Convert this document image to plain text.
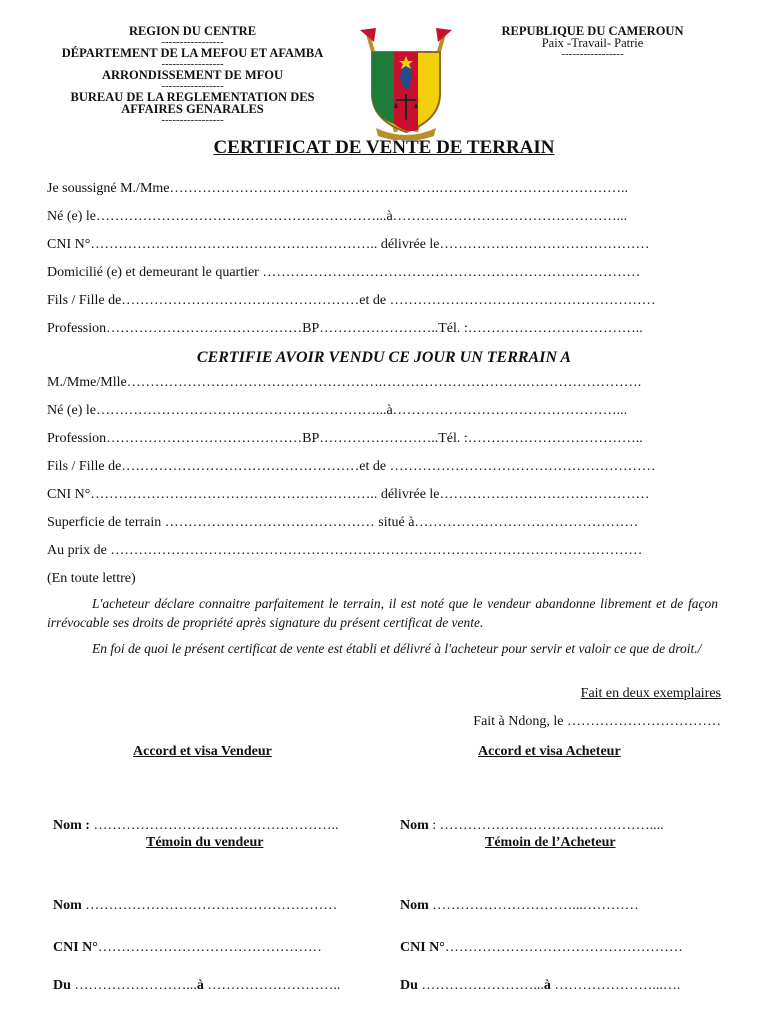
REGION DU CENTRE
-----------------
DÉPARTEMENT DE LA MEFOU ET AFAMBA
-----------------
ARRONDISSEMENT DE MFOU
-----------------
BUREAU DE LA REGLEMENTATION DES
AFFAIRES GENARALES
-----------------
REPUBLIQUE DU CAMEROUN
Paix -Travail- Patrie
-----------------
CERTIFICAT DE VENTE DE TERRAIN
Je soussigné M./Mme………………………………………………….…………………………………..
Né (e) le……………………………………………………...à…………………………………………...
CNI N°…………………………………………………….. délivrée le………………………………………
Domicilié (e) et demeurant le quartier ………………………………………………………………………
Fils / Fille de……………………………………………et de …………………………………………………
Profession……………………………………BP……………………..Tél. :………………………………..
CERTIFIE AVOIR VENDU CE JOUR UN TERRAIN A
M./Mme/Mlle……………………………………………….………………………….…………………….
Né (e) le……………………………………………………...à…………………………………………...
Profession……………………………………BP……………………..Tél. :………………………………..
Fils / Fille de……………………………………………et de …………………………………………………
CNI N°…………………………………………………….. délivrée le………………………………………
Superficie de terrain ……………………………………… situé à…………………………………………
Au prix de ……………………………………………………………………………………………………
(En toute lettre)
L'acheteur déclare connaitre parfaitement le terrain, il est noté que le vendeur abandonne librement et de façon irrévocable ses droits de propriété après signature du présent certificat de vente.
En foi de quoi le présent certificat de vente est établi et délivré à l'acheteur pour servir et valoir ce que de droit./
Fait en deux exemplaires
Fait à Ndong, le ……………………………
Accord et visa Vendeur	Accord et visa Acheteur
Nom : ……………………………………………..
Témoin du vendeur
Nom ………………………………………………
CNI N°…………………………………………
Du ……………………...à ………………………..
Nom : ………………………………………....
Témoin de l’Acheteur
Nom …………………………...…………
CNI N°……………………………………………
Du ……………………...à …………………...….
